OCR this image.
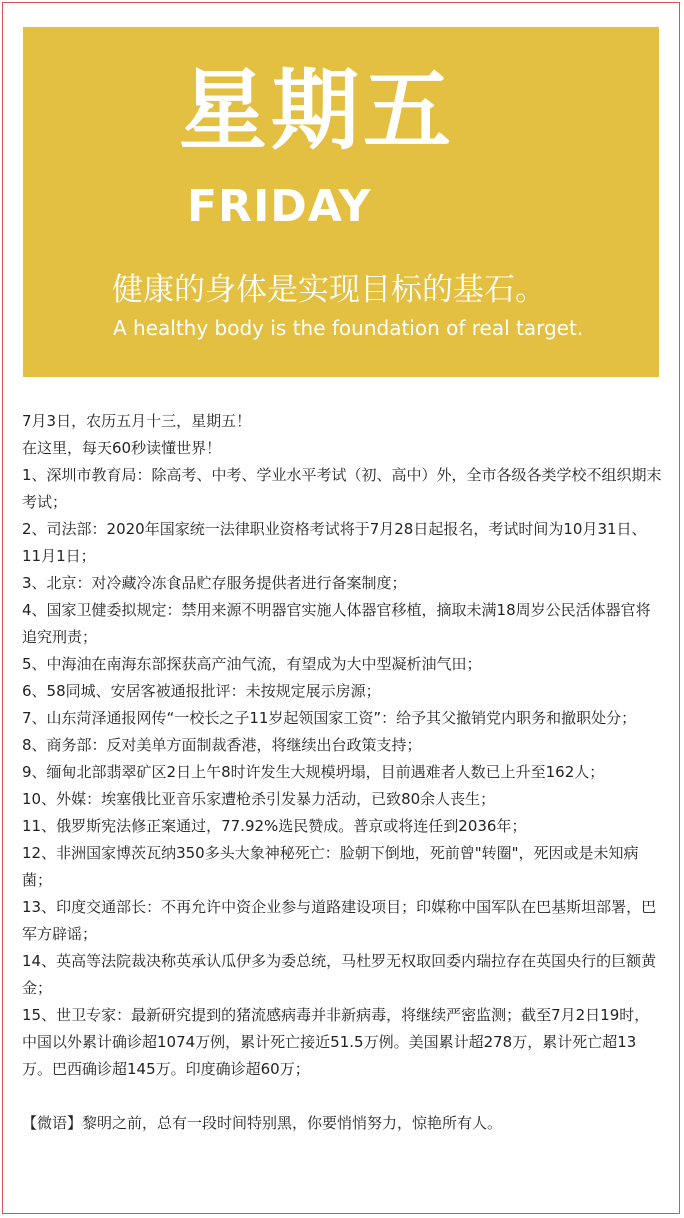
星期五
FRIDAY
健康的身体是实现目标的基石。
A healthy body is the foundation of real target.

7月3日，农历五月十三，星期五！

在这里，每天60秒读懂世界！

1、深圳市教育局：除高考、中考、学业水平考试（初、高中）外，全市各级各类学校不组织期末考试；

2、司法部：2020年国家统一法律职业资格考试将于7月28日起报名，考试时间为10月31日、11月1日；

3、北京：对冷藏冷冻食品贮存服务提供者进行备案制度；

4、国家卫健委拟规定：禁用来源不明器官实施人体器官移植，摘取未满18周岁公民活体器官将追究刑责；

5、中海油在南海东部探获高产油气流，有望成为大中型凝析油气田；

6、58同城、安居客被通报批评：未按规定展示房源；

7、山东菏泽通报网传“一校长之子11岁起领国家工资”：给予其父撤销党内职务和撤职处分；

8、商务部：反对美单方面制裁香港，将继续出台政策支持；

9、缅甸北部翡翠矿区2日上午8时许发生大规模坍塌，目前遇难者人数已上升至162人；

10、外媒：埃塞俄比亚音乐家遭枪杀引发暴力活动，已致80余人丧生；

11、俄罗斯宪法修正案通过，77.92%选民赞成。普京或将连任到2036年；

12、非洲国家博茨瓦纳350多头大象神秘死亡：脸朝下倒地，死前曾"转圈"，死因或是未知病菌；

13、印度交通部长：不再允许中资企业参与道路建设项目；印媒称中国军队在巴基斯坦部署，巴军方辟谣；

14、英高等法院裁决称英承认瓜伊多为委总统，马杜罗无权取回委内瑞拉存在英国央行的巨额黄金；

15、世卫专家：最新研究提到的猪流感病毒并非新病毒，将继续严密监测；截至7月2日19时，中国以外累计确诊超1074万例，累计死亡接近51.5万例。美国累计超278万，累计死亡超13万。巴西确诊超145万。印度确诊超60万；

【微语】黎明之前，总有一段时间特别黑，你要悄悄努力，惊艳所有人。
